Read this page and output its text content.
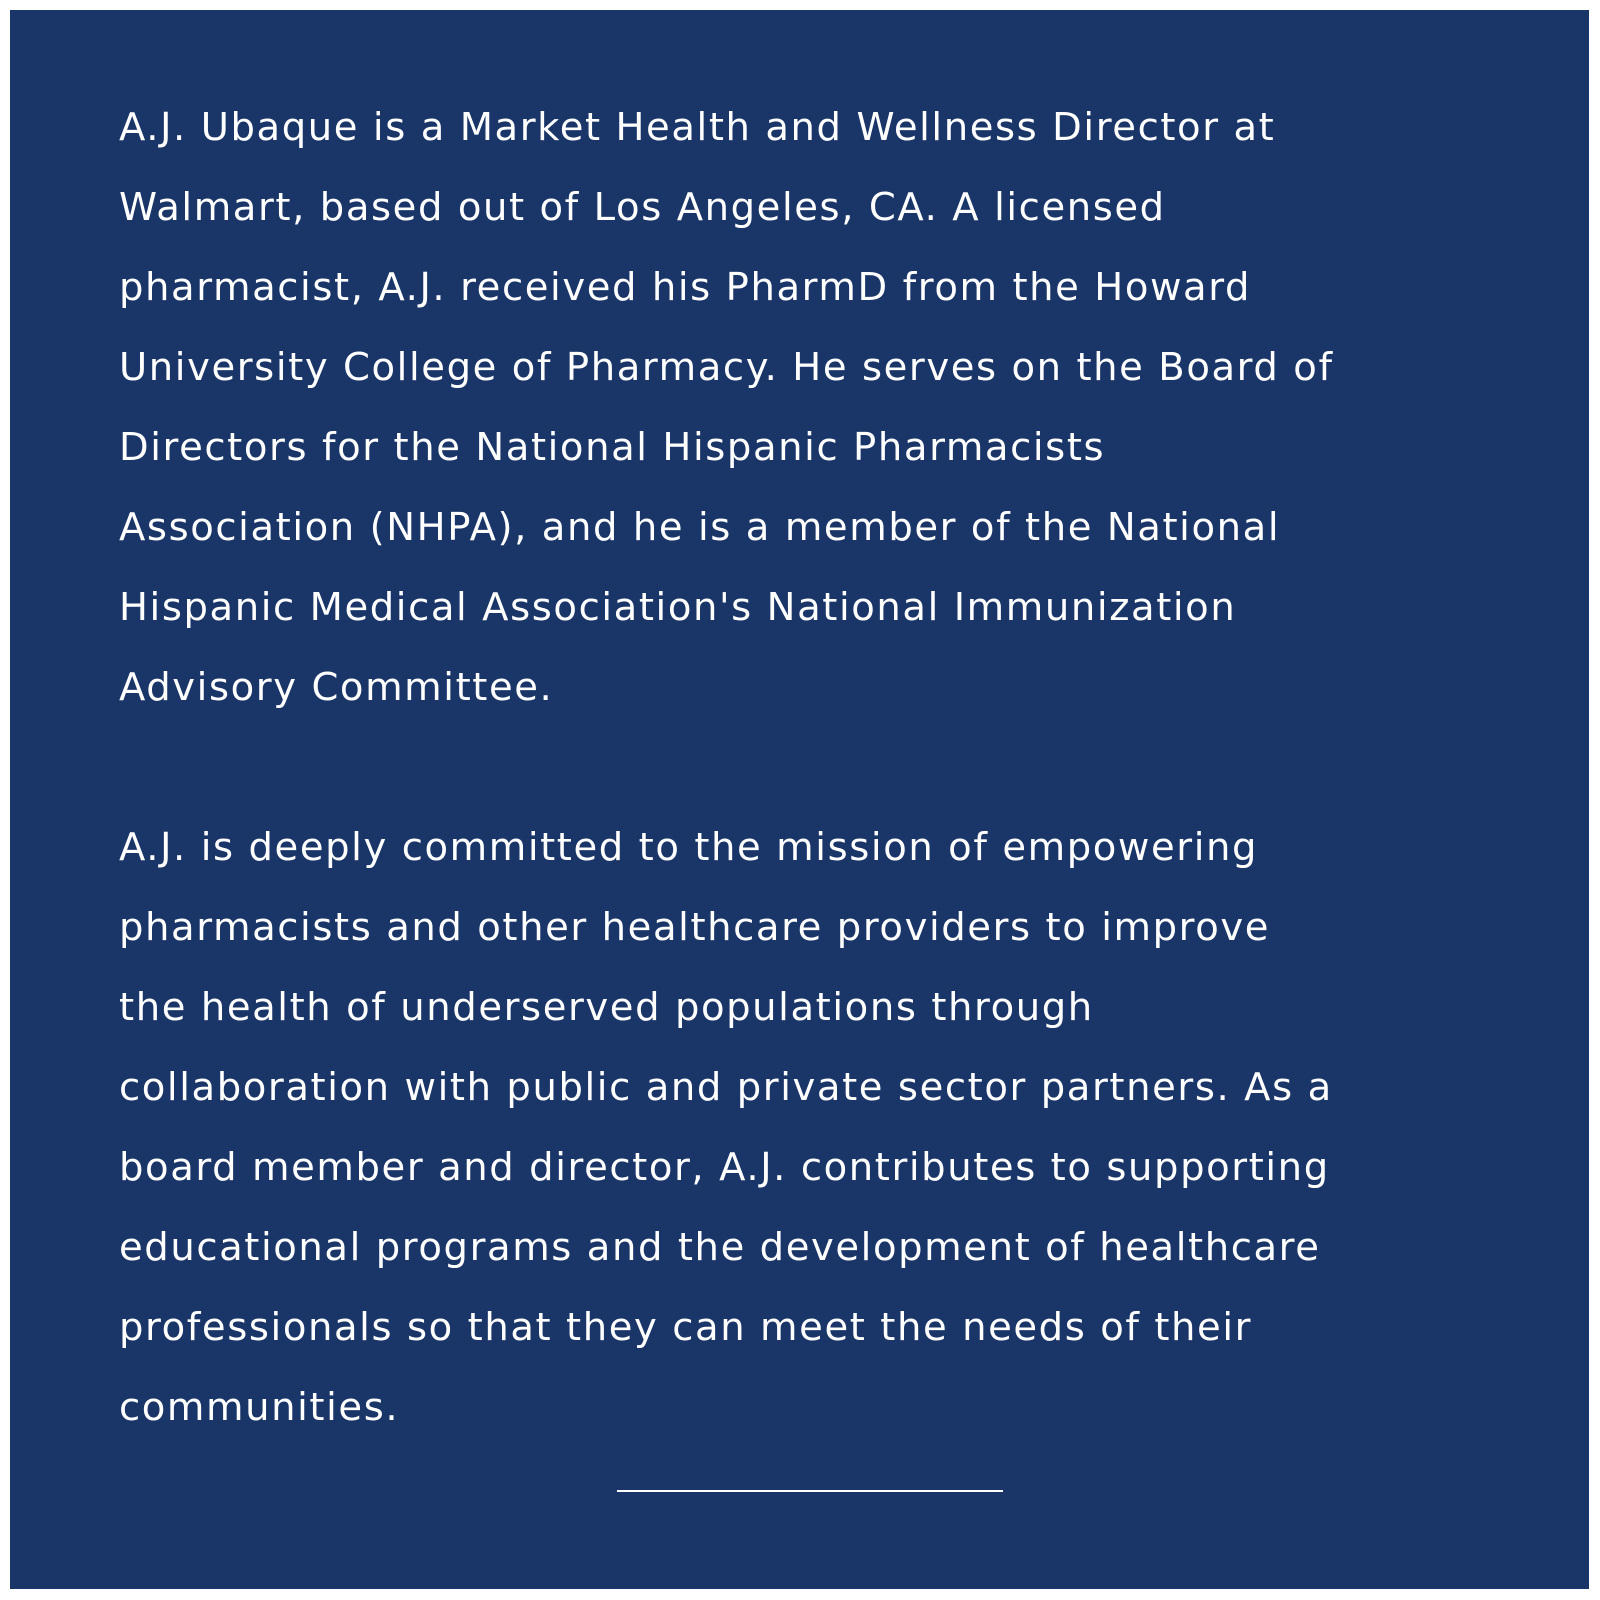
A.J. Ubaque is a Market Health and Wellness Director at
Walmart, based out of Los Angeles, CA. A licensed
pharmacist, A.J. received his PharmD from the Howard
University College of Pharmacy. He serves on the Board of
Directors for the National Hispanic Pharmacists
Association (NHPA), and he is a member of the National
Hispanic Medical Association's National Immunization
Advisory Committee.

A.J. is deeply committed to the mission of empowering
pharmacists and other healthcare providers to improve
the health of underserved populations through
collaboration with public and private sector partners. As a
board member and director, A.J. contributes to supporting
educational programs and the development of healthcare
professionals so that they can meet the needs of their
communities.
